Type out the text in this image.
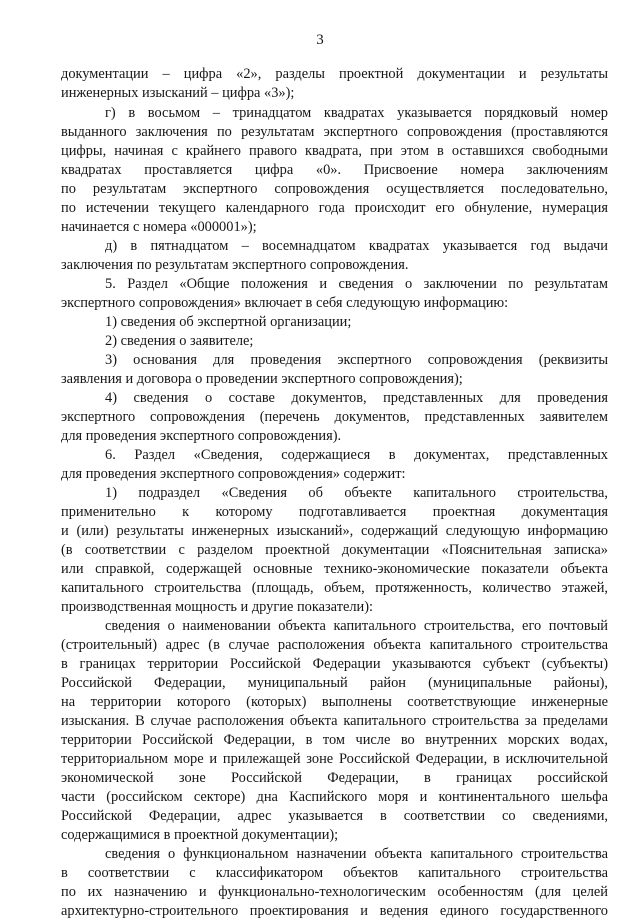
3
документации – цифра «2», разделы проектной документации и результаты
инженерных изысканий – цифра «3»);
г) в восьмом – тринадцатом квадратах указывается порядковый номер
выданного заключения по результатам экспертного сопровождения (проставляются
цифры, начиная с крайнего правого квадрата, при этом в оставшихся свободными
квадратах проставляется цифра «0». Присвоение номера заключениям
по результатам экспертного сопровождения осуществляется последовательно,
по истечении текущего календарного года происходит его обнуление, нумерация
начинается с номера «000001»);
д) в пятнадцатом – восемнадцатом квадратах указывается год выдачи
заключения по результатам экспертного сопровождения.
5. Раздел «Общие положения и сведения о заключении по результатам
экспертного сопровождения» включает в себя следующую информацию:
1) сведения об экспертной организации;
2) сведения о заявителе;
3) основания для проведения экспертного сопровождения (реквизиты
заявления и договора о проведении экспертного сопровождения);
4) сведения о составе документов, представленных для проведения
экспертного сопровождения (перечень документов, представленных заявителем
для проведения экспертного сопровождения).
6. Раздел «Сведения, содержащиеся в документах, представленных
для проведения экспертного сопровождения» содержит:
1) подраздел «Сведения об объекте капитального строительства,
применительно к которому подготавливается проектная документация
и (или) результаты инженерных изысканий», содержащий следующую информацию
(в соответствии с разделом проектной документации «Пояснительная записка»
или справкой, содержащей основные технико-экономические показатели объекта
капитального строительства (площадь, объем, протяженность, количество этажей,
производственная мощность и другие показатели):
сведения о наименовании объекта капитального строительства, его почтовый
(строительный) адрес (в случае расположения объекта капитального строительства
в границах территории Российской Федерации указываются субъект (субъекты)
Российской Федерации, муниципальный район (муниципальные районы),
на территории которого (которых) выполнены соответствующие инженерные
изыскания. В случае расположения объекта капитального строительства за пределами
территории Российской Федерации, в том числе во внутренних морских водах,
территориальном море и прилежащей зоне Российской Федерации, в исключительной
экономической зоне Российской Федерации, в границах российской
части (российском секторе) дна Каспийского моря и континентального шельфа
Российской Федерации, адрес указывается в соответствии со сведениями,
содержащимися в проектной документации);
сведения о функциональном назначении объекта капитального строительства
в соответствии с классификатором объектов капитального строительства
по их назначению и функционально-технологическим особенностям (для целей
архитектурно-строительного проектирования и ведения единого государственного
